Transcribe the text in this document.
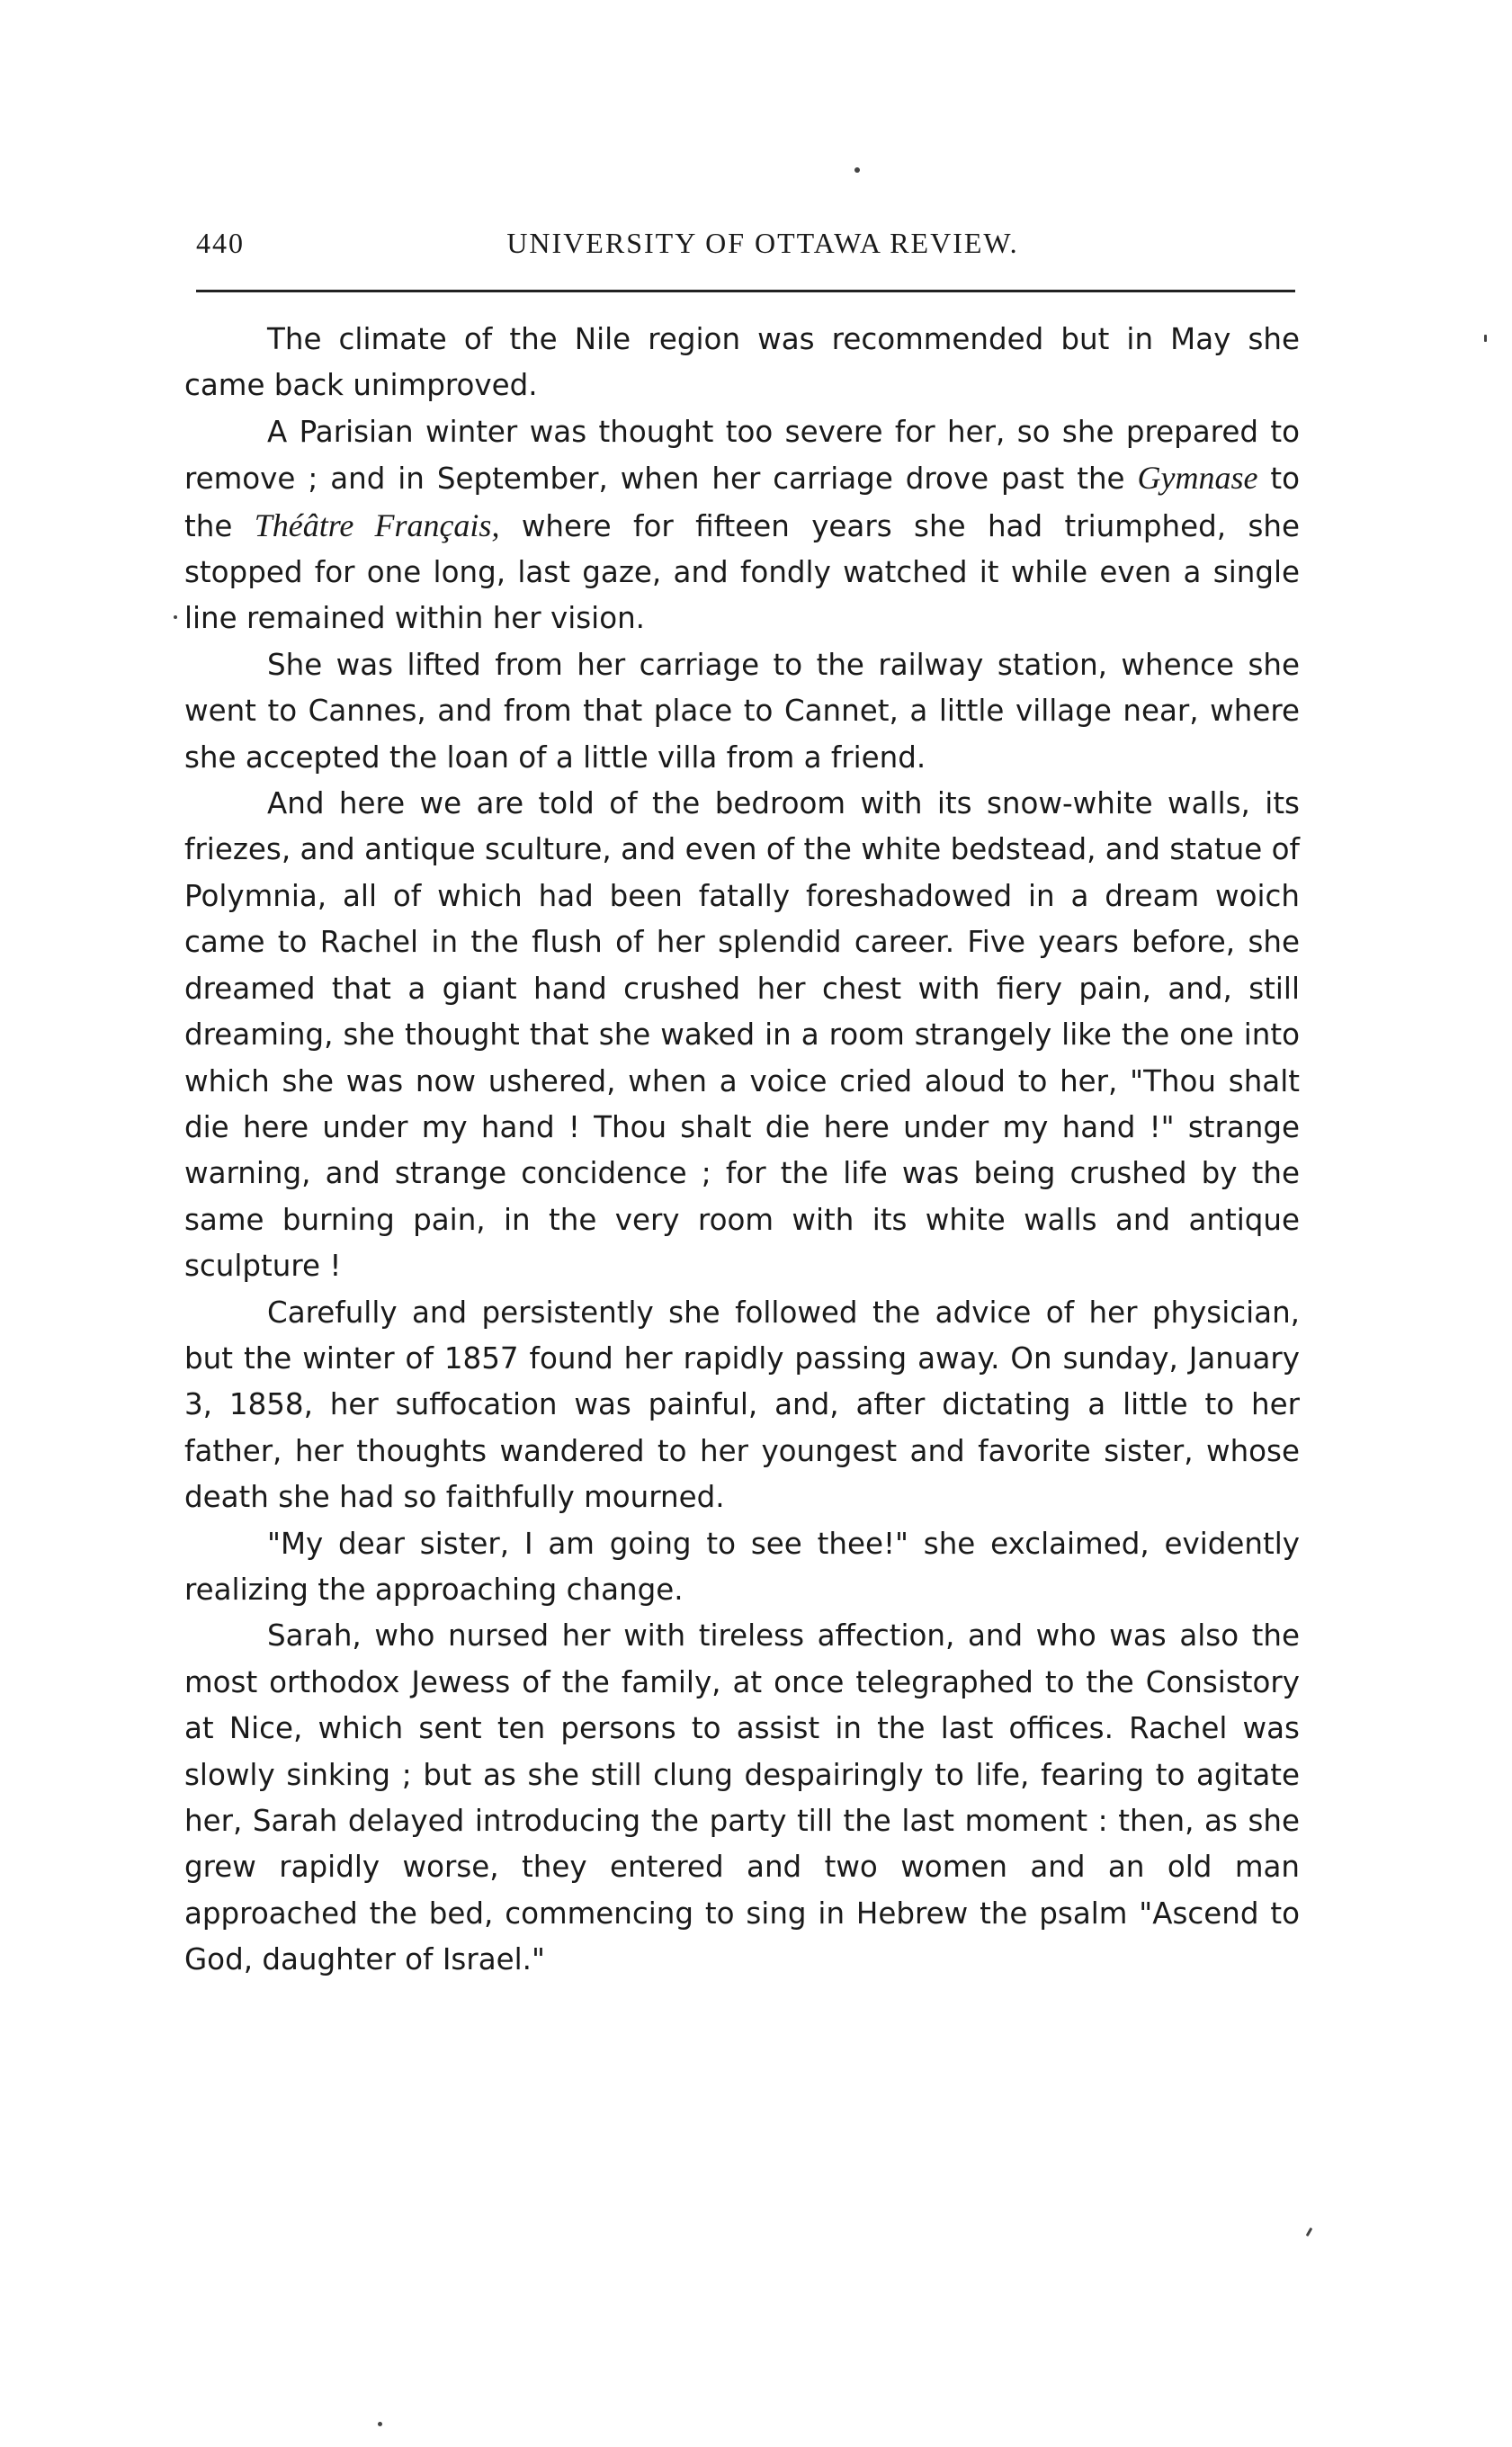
440	UNIVERSITY OF OTTAWA REVIEW.

The climate of the Nile region was recommended but in May she came back unimproved.

A Parisian winter was thought too severe for her, so she prepared to remove ; and in September, when her carriage drove past the Gymnase to the Théâtre Français, where for fifteen years she had triumphed, she stopped for one long, last gaze, and fondly watched it while even a single line remained within her vision.

She was lifted from her carriage to the railway station, whence she went to Cannes, and from that place to Cannet, a little village near, where she accepted the loan of a little villa from a friend.

And here we are told of the bedroom with its snow-white walls, its friezes, and antique sculture, and even of the white bedstead, and statue of Polymnia, all of which had been fatally foreshadowed in a dream woich came to Rachel in the flush of her splendid career. Five years before, she dreamed that a giant hand crushed her chest with fiery pain, and, still dreaming, she thought that she waked in a room strangely like the one into which she was now ushered, when a voice cried aloud to her, "Thou shalt die here under my hand ! Thou shalt die here under my hand !" strange warning, and strange concidence ; for the life was being crushed by the same burning pain, in the very room with its white walls and antique sculpture !

Carefully and persistently she followed the advice of her physician, but the winter of 1857 found her rapidly passing away. On sunday, January 3, 1858, her suffocation was painful, and, after dictating a little to her father, her thoughts wandered to her youngest and favorite sister, whose death she had so faithfully mourned.

"My dear sister, I am going to see thee!" she exclaimed, evidently realizing the approaching change.

Sarah, who nursed her with tireless affection, and who was also the most orthodox Jewess of the family, at once telegraphed to the Consistory at Nice, which sent ten persons to assist in the last offices. Rachel was slowly sinking ; but as she still clung despairingly to life, fearing to agitate her, Sarah delayed introducing the party till the last moment : then, as she grew rapidly worse, they entered and two women and an old man approached the bed, commencing to sing in Hebrew the psalm "Ascend to God, daughter of Israel."
